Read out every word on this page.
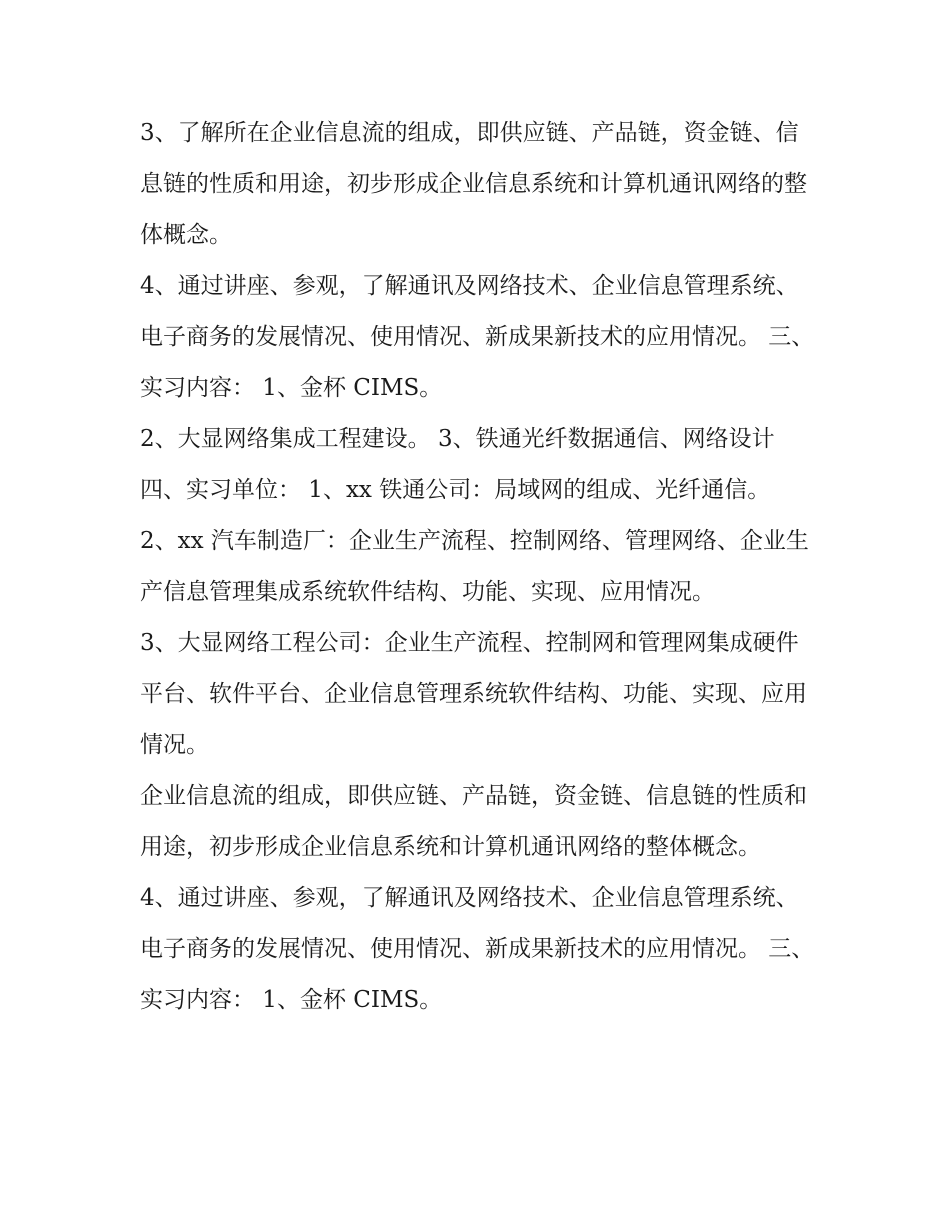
3、了解所在企业信息流的组成，即供应链、产品链，资金链、信息链的性质和用途，初步形成企业信息系统和计算机通讯网络的整体概念。

4、通过讲座、参观，了解通讯及网络技术、企业信息管理系统、电子商务的发展情况、使用情况、新成果新技术的应用情况。 三、实习内容： 1、金杯 CIMS。

2、大显网络集成工程建设。 3、铁通光纤数据通信、网络设计 四、实习单位： 1、xx 铁通公司：局域网的组成、光纤通信。

2、xx 汽车制造厂：企业生产流程、控制网络、管理网络、企业生产信息管理集成系统软件结构、功能、实现、应用情况。

3、大显网络工程公司：企业生产流程、控制网和管理网集成硬件平台、软件平台、企业信息管理系统软件结构、功能、实现、应用情况。

企业信息流的组成，即供应链、产品链，资金链、信息链的性质和用途，初步形成企业信息系统和计算机通讯网络的整体概念。

4、通过讲座、参观，了解通讯及网络技术、企业信息管理系统、电子商务的发展情况、使用情况、新成果新技术的应用情况。 三、实习内容： 1、金杯 CIMS。
